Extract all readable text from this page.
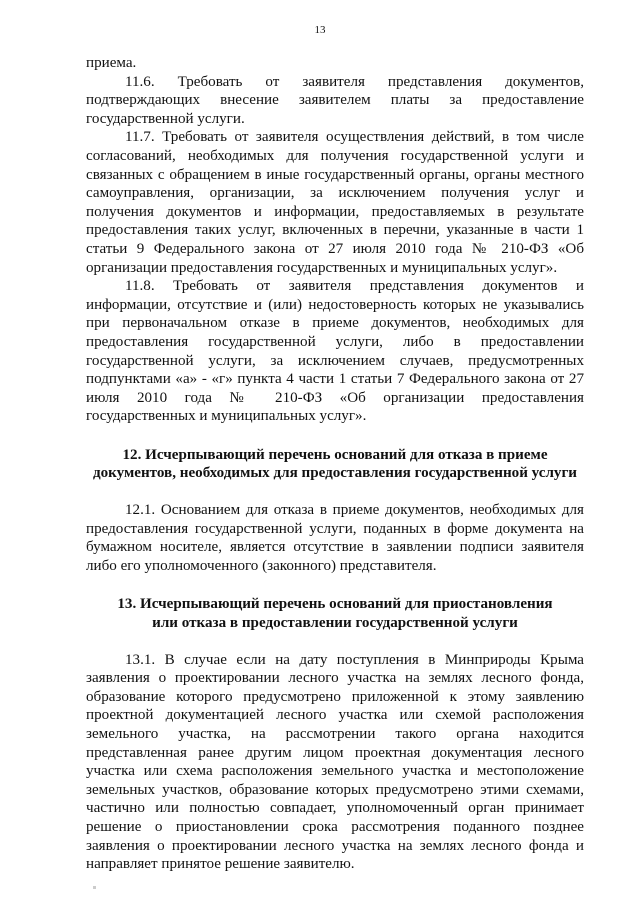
13

приема.

11.6. Требовать от заявителя представления документов, подтверждающих внесение заявителем платы за предоставление государственной услуги.

11.7. Требовать от заявителя осуществления действий, в том числе согласований, необходимых для получения государственной услуги и связанных с обращением в иные государственный органы, органы местного самоуправления, организации, за исключением получения услуг и получения документов и информации, предоставляемых в результате предоставления таких услуг, включенных в перечни, указанные в части 1 статьи 9 Федерального закона от 27 июля 2010 года № 210-ФЗ «Об организации предоставления государственных и муниципальных услуг».

11.8. Требовать от заявителя представления документов и информации, отсутствие и (или) недостоверность которых не указывались при первоначальном отказе в приеме документов, необходимых для предоставления государственной услуги, либо в предоставлении государственной услуги, за исключением случаев, предусмотренных подпунктами «а» - «г» пункта 4 части 1 статьи 7 Федерального закона от 27 июля 2010 года № 210-ФЗ «Об организации предоставления государственных и муниципальных услуг».

12. Исчерпывающий перечень оснований для отказа в приеме

документов, необходимых для предоставления государственной услуги

12.1. Основанием для отказа в приеме документов, необходимых для предоставления государственной услуги, поданных в форме документа на бумажном носителе, является отсутствие в заявлении подписи заявителя либо его уполномоченного (законного) представителя.

13. Исчерпывающий перечень оснований для приостановления

или отказа в предоставлении государственной услуги

13.1. В случае если на дату поступления в Минприроды Крыма заявления о проектировании лесного участка на землях лесного фонда, образование которого предусмотрено приложенной к этому заявлению проектной документацией лесного участка или схемой расположения земельного участка, на рассмотрении такого органа находится представленная ранее другим лицом проектная документация лесного участка или схема расположения земельного участка и местоположение земельных участков, образование которых предусмотрено этими схемами, частично или полностью совпадает, уполномоченный орган принимает решение о приостановлении срока рассмотрения поданного позднее заявления о проектировании лесного участка на землях лесного фонда и направляет принятое решение заявителю.
